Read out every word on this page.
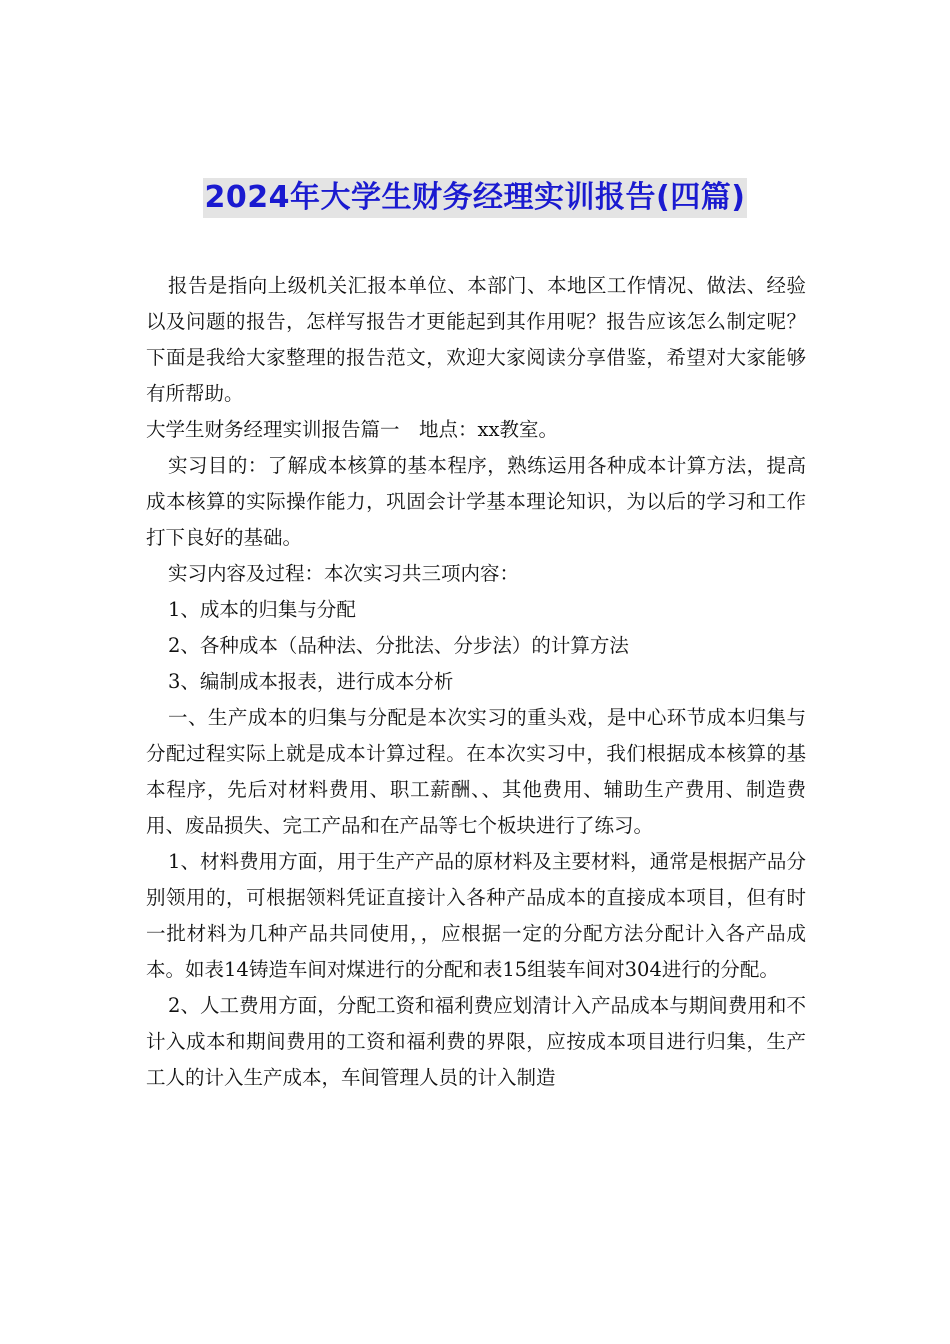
2024年大学生财务经理实训报告(四篇)

报告是指向上级机关汇报本单位、本部门、本地区工作情况、做法、经验以及问题的报告，怎样写报告才更能起到其作用呢？报告应该怎么制定呢？下面是我给大家整理的报告范文，欢迎大家阅读分享借鉴，希望对大家能够有所帮助。

大学生财务经理实训报告篇一　地点：xx教室。

实习目的：了解成本核算的基本程序，熟练运用各种成本计算方法，提高成本核算的实际操作能力，巩固会计学基本理论知识，为以后的学习和工作打下良好的基础。

实习内容及过程：本次实习共三项内容：

1、成本的归集与分配

2、各种成本（品种法、分批法、分步法）的计算方法

3、编制成本报表，进行成本分析

一、生产成本的归集与分配是本次实习的重头戏，是中心环节成本归集与分配过程实际上就是成本计算过程。在本次实习中，我们根据成本核算的基本程序，先后对材料费用、职工薪酬、、其他费用、辅助生产费用、制造费用、废品损失、完工产品和在产品等七个板块进行了练习。

1、材料费用方面，用于生产产品的原材料及主要材料，通常是根据产品分别领用的，可根据领料凭证直接计入各种产品成本的直接成本项目，但有时一批材料为几种产品共同使用，，应根据一定的分配方法分配计入各产品成本。如表14铸造车间对煤进行的分配和表15组装车间对304进行的分配。

2、人工费用方面，分配工资和福利费应划清计入产品成本与期间费用和不计入成本和期间费用的工资和福利费的界限，应按成本项目进行归集，生产工人的计入生产成本，车间管理人员的计入制造
